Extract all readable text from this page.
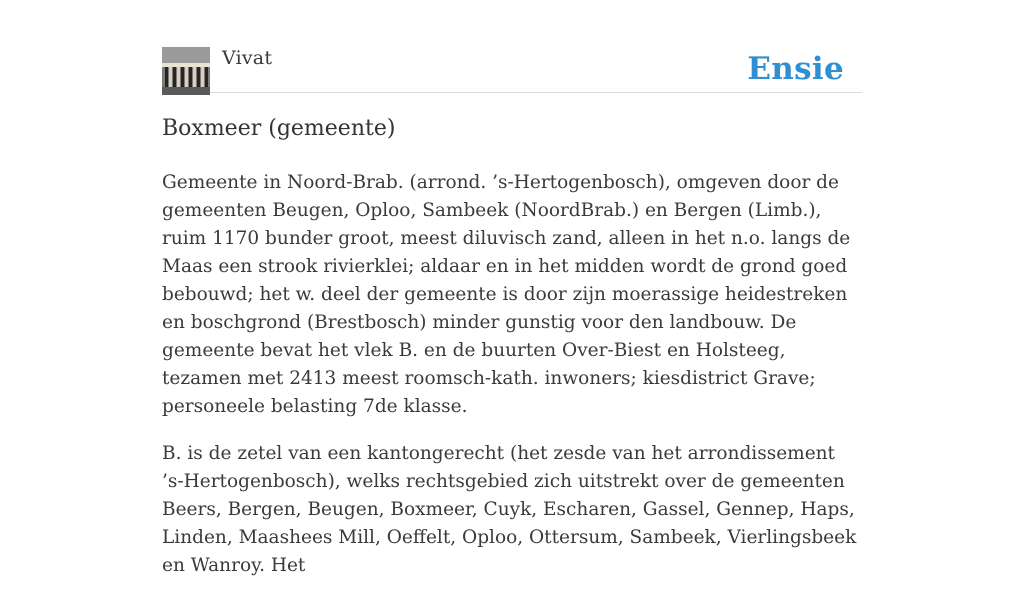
Vivat	Ensie
Boxmeer (gemeente)

Gemeente in Noord-Brab. (arrond. ’s-Hertogenbosch), omgeven door de gemeenten Beugen, Oploo, Sambeek (NoordBrab.) en Bergen (Limb.), ruim 1170 bunder groot, meest diluvisch zand, alleen in het n.o. langs de Maas een strook rivierklei; aldaar en in het midden wordt de grond goed bebouwd; het w. deel der gemeente is door zijn moerassige heidestreken en boschgrond (Brestbosch) minder gunstig voor den landbouw. De gemeente bevat het vlek B. en de buurten Over-Biest en Holsteeg, tezamen met 2413 meest roomsch-kath. inwoners; kiesdistrict Grave; personeele belasting 7de klasse.

B. is de zetel van een kantongerecht (het zesde van het arrondissement ’s-Hertogenbosch), welks rechtsgebied zich uitstrekt over de gemeenten Beers, Bergen, Beugen, Boxmeer, Cuyk, Escharen, Gassel, Gennep, Haps, Linden, Maashees Mill, Oeffelt, Oploo, Ottersum, Sambeek, Vierlingsbeek en Wanroy. Het
